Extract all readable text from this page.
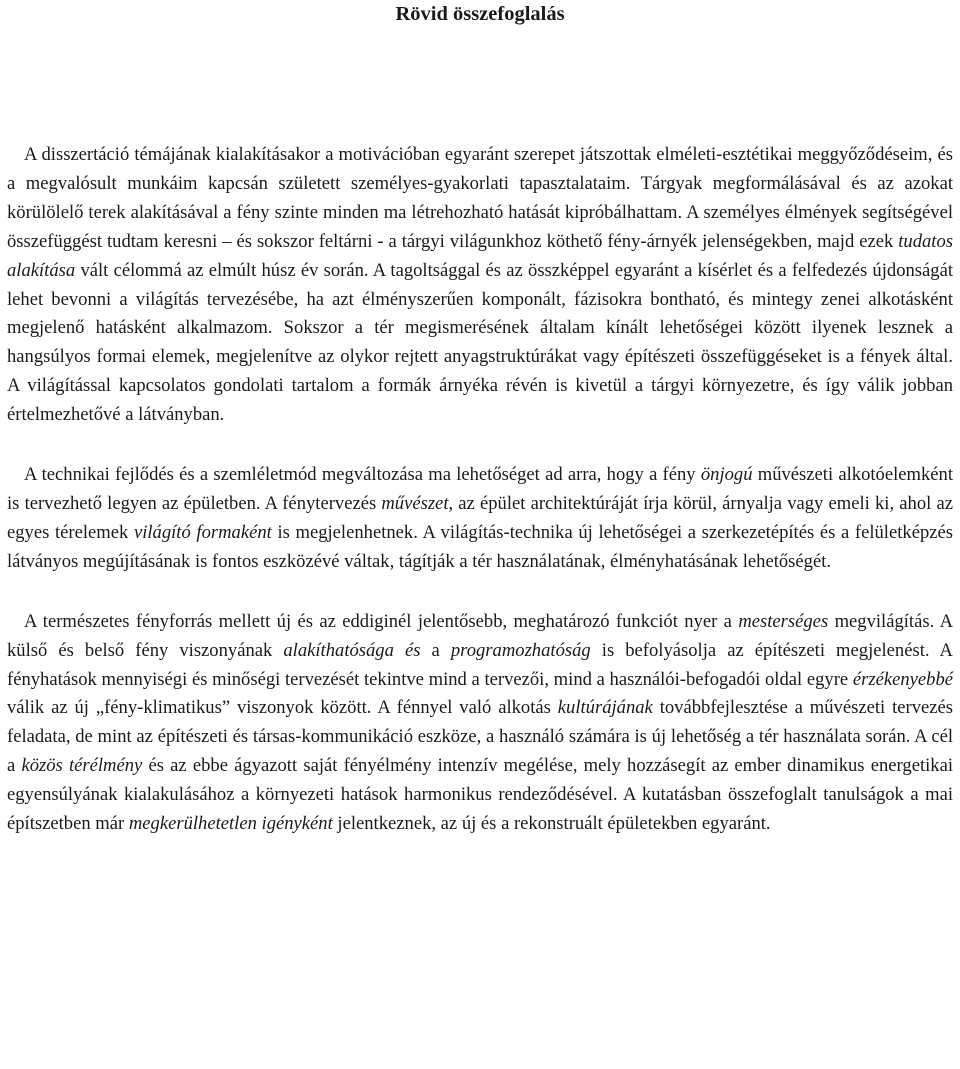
Rövid összefoglalás

A disszertáció témájának kialakításakor a motivációban egyaránt szerepet játszottak elméleti-esztétikai meggyőződéseim, és a megvalósult munkáim kapcsán született személyes-gyakorlati tapasztalataim. Tárgyak megformálásával és az azokat körülölelő terek alakításával a fény szinte minden ma létrehozható hatását kipróbálhattam. A személyes élmények segítségével összefüggést tudtam keresni – és sokszor feltárni - a tárgyi világunkhoz köthető fény-árnyék jelenségekben, majd ezek tudatos alakítása vált célommá az elmúlt húsz év során. A tagoltsággal és az összképpel egyaránt a kísérlet és a felfedezés újdonságát lehet bevonni a világítás tervezésébe, ha azt élményszerűen komponált, fázisokra bontható, és mintegy zenei alkotásként megjelenő hatásként alkalmazom. Sokszor a tér megismerésének általam kínált lehetőségei között ilyenek lesznek a hangsúlyos formai elemek, megjelenítve az olykor rejtett anyagstruktúrákat vagy építészeti összefüggéseket is a fények által. A világítással kapcsolatos gondolati tartalom a formák árnyéka révén is kivetül a tárgyi környezetre, és így válik jobban értelmezhetővé a látványban.

A technikai fejlődés és a szemléletmód megváltozása ma lehetőséget ad arra, hogy a fény önjogú művészeti alkotóelemként is tervezhető legyen az épületben. A fénytervezés művészet, az épület architektúráját írja körül, árnyalja vagy emeli ki, ahol az egyes térelemek világító formaként is megjelenhetnek. A világítás-technika új lehetőségei a szerkezetépítés és a felületképzés látványos megújításának is fontos eszközévé váltak, tágítják a tér használatának, élményhatásának lehetőségét.

A természetes fényforrás mellett új és az eddiginél jelentősebb, meghatározó funkciót nyer a mesterséges megvilágítás. A külső és belső fény viszonyának alakíthatósága és a programozhatóság is befolyásolja az építészeti megjelenést. A fényhatások mennyiségi és minőségi tervezését tekintve mind a tervezői, mind a használói-befogadói oldal egyre érzékenyebbé válik az új „fény-klimatikus” viszonyok között. A fénnyel való alkotás kultúrájának továbbfejlesztése a művészeti tervezés feladata, de mint az építészeti és társas-kommunikáció eszköze, a használó számára is új lehetőség a tér használata során. A cél a közös térélmény és az ebbe ágyazott saját fényélmény intenzív megélése, mely hozzásegít az ember dinamikus energetikai egyensúlyának kialakulásához a környezeti hatások harmonikus rendeződésével. A kutatásban összefoglalt tanulságok a mai építszetben már megkerülhetetlen igényként jelentkeznek, az új és a rekonstruált épületekben egyaránt.
